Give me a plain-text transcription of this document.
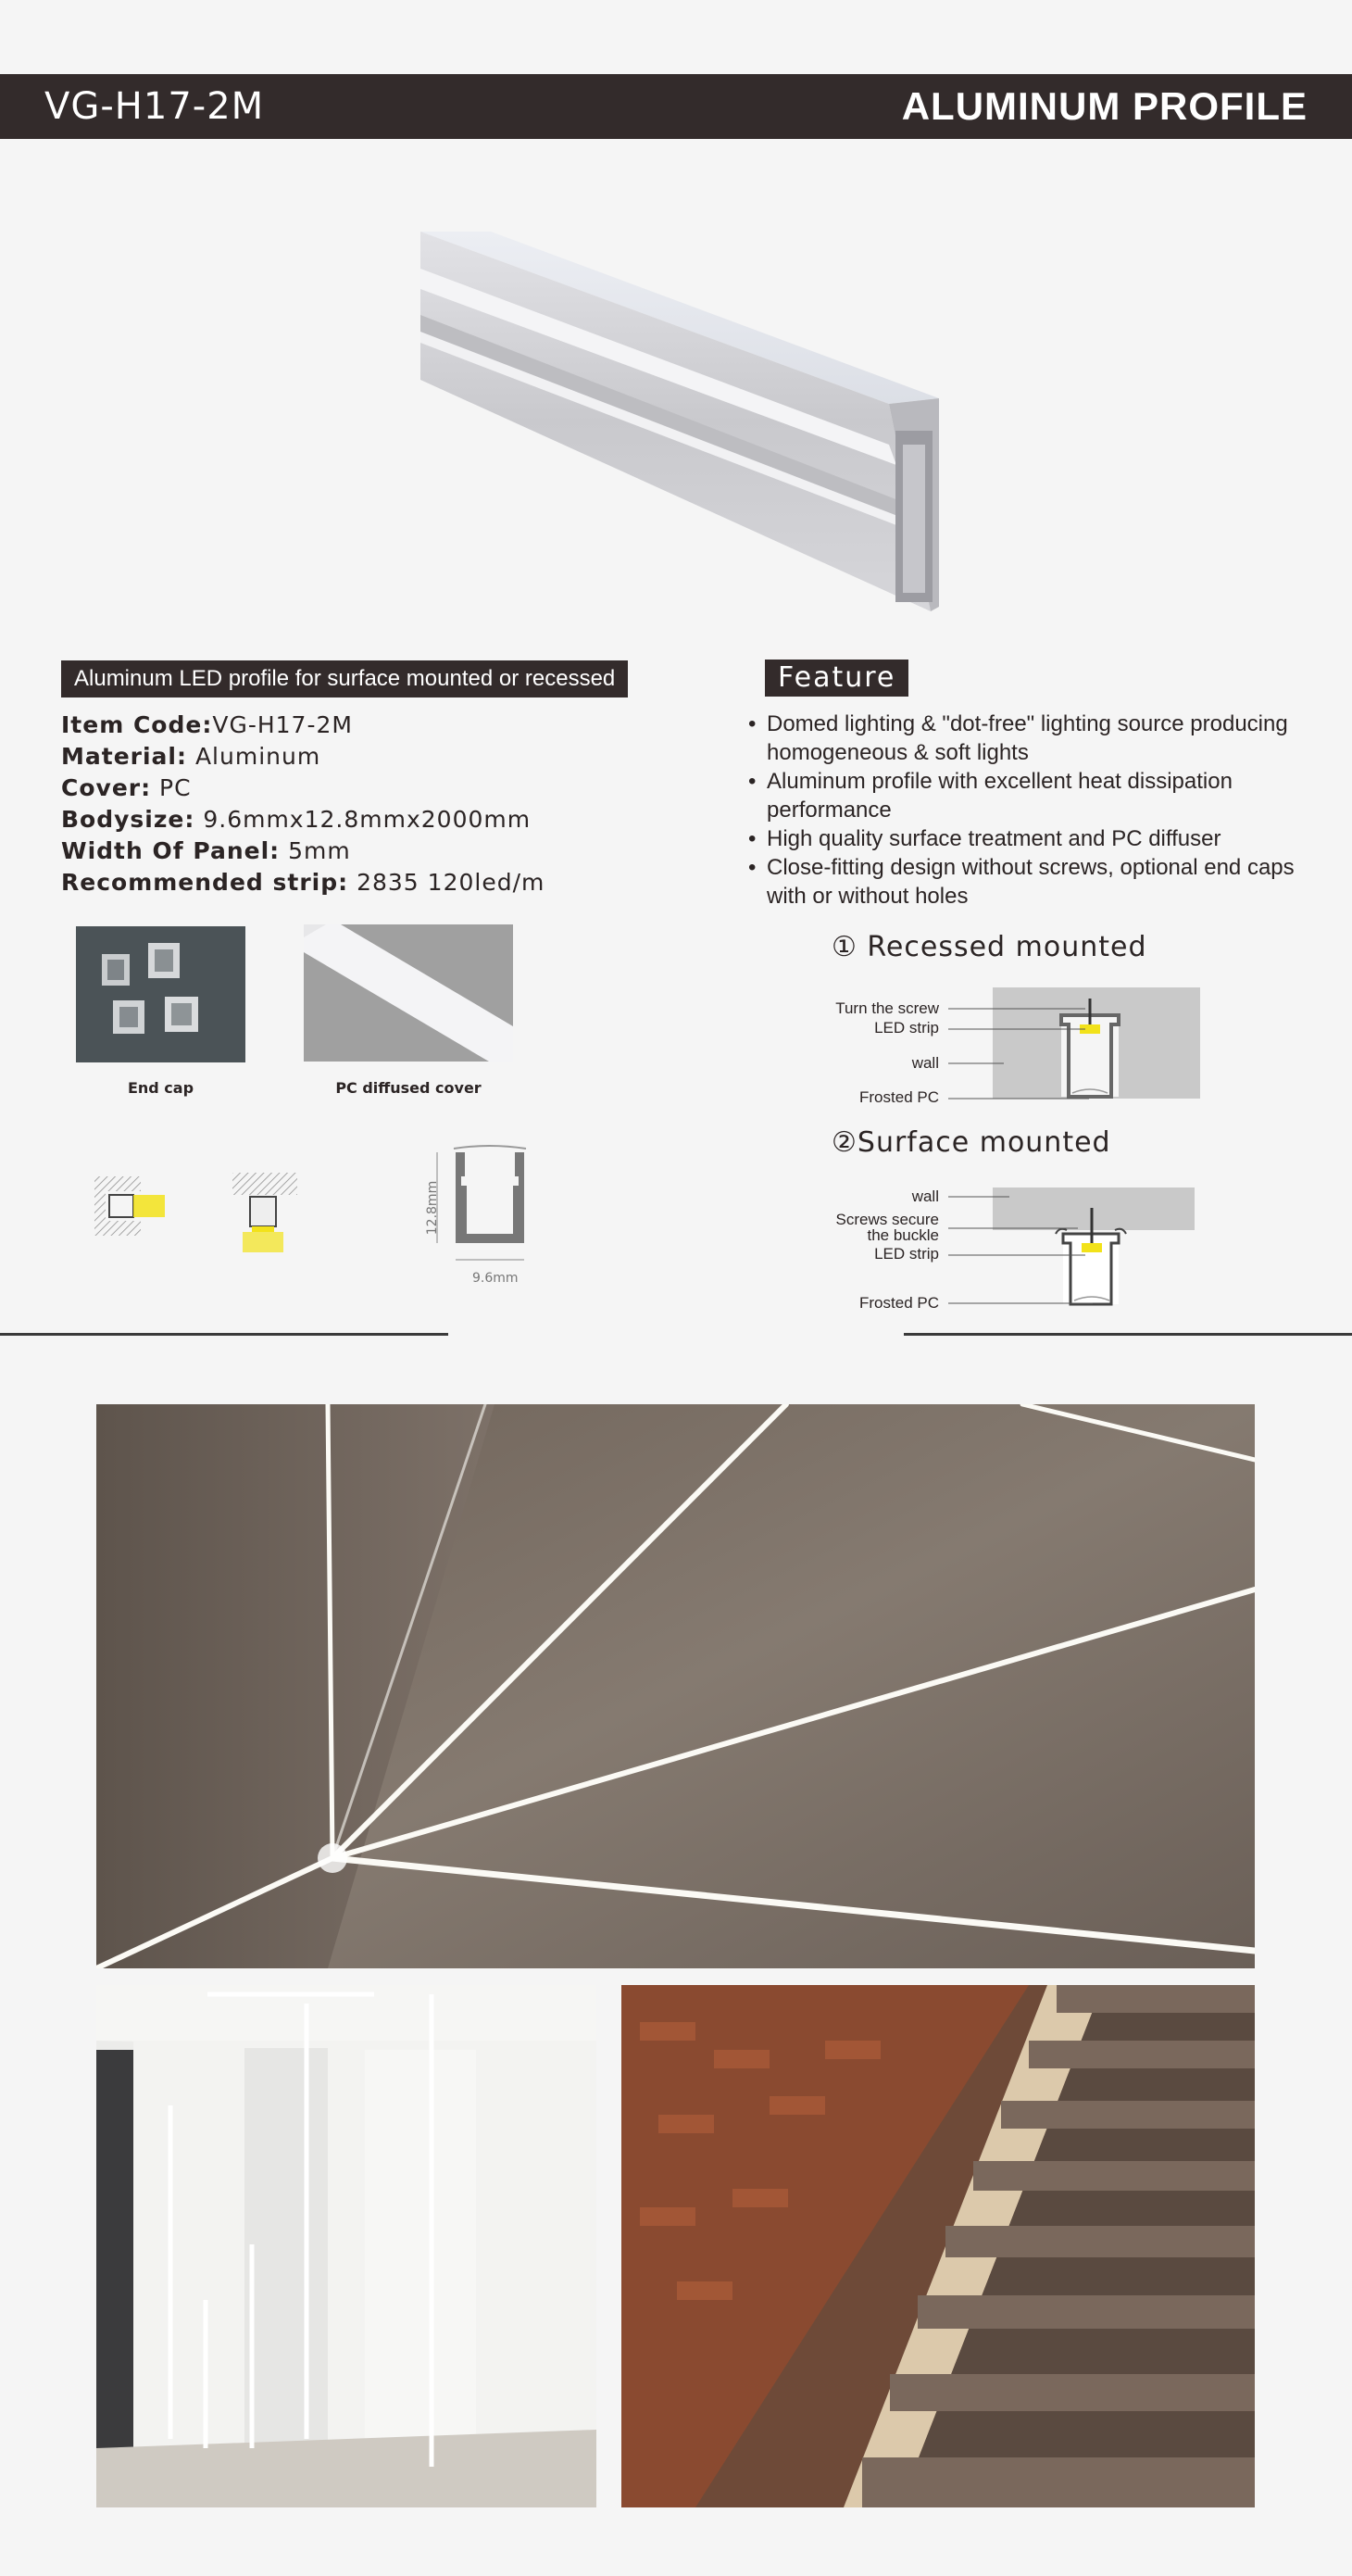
VG-H17-2M	ALUMINUM PROFILE
Aluminum LED profile for surface mounted or recessed
Item Code:VG-H17-2M
Material: Aluminum
Cover: PC
Bodysize: 9.6mmx12.8mmx2000mm
Width Of Panel: 5mm
Recommended strip: 2835 120led/m
End cap	PC diffused cover
12.8mm
9.6mm
Feature
• Domed lighting & "dot-free" lighting source producing homogeneous & soft lights
• Aluminum profile with excellent heat dissipation performance
• High quality surface treatment and PC diffuser
• Close-fitting design without screws, optional end caps with or without holes
① Recessed mounted
Turn the screw
LED strip
wall
Frosted PC
②Surface mounted
wall
Screws secure
the buckle
LED strip
Frosted PC
